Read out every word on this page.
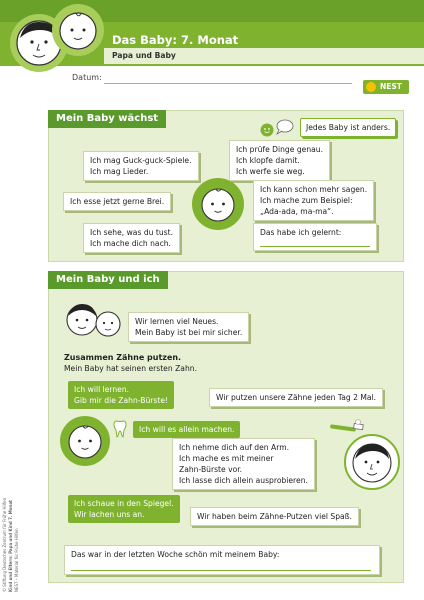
Das Baby: 7. Monat
Papa und Baby
Datum:
NEST
© Stiftung Deutsches Zentrum für Frühe Hilfen Kind und Eltern: Papa und Kind 7. Monat NEST – Material für Frühe Hilfen
Mein Baby wächst
Jedes Baby ist anders.
Ich mag Guck-guck-Spiele.
Ich mag Lieder.
Ich prüfe Dinge genau.
Ich klopfe damit.
Ich werfe sie weg.
Ich esse jetzt gerne Brei.
Ich kann schon mehr sagen.
Ich mache zum Beispiel:
„Ada-ada, ma-ma“.
Ich sehe, was du tust.
Ich mache dich nach.
Das habe ich gelernt:
Mein Baby und ich
Wir lernen viel Neues.
Mein Baby ist bei mir sicher.
Zusammen Zähne putzen.
Mein Baby hat seinen ersten Zahn.
Ich will lernen.
Gib mir die Zahn-Bürste!	Wir putzen unsere Zähne jeden Tag 2 Mal.
Ich will es allein machen.
Ich nehme dich auf den Arm.
Ich mache es mit meiner
Zahn-Bürste vor.
Ich lasse dich allein ausprobieren.
Ich schaue in den Spiegel.
Wir lachen uns an.	Wir haben beim Zähne-Putzen viel Spaß.
Das war in der letzten Woche schön mit meinem Baby:
